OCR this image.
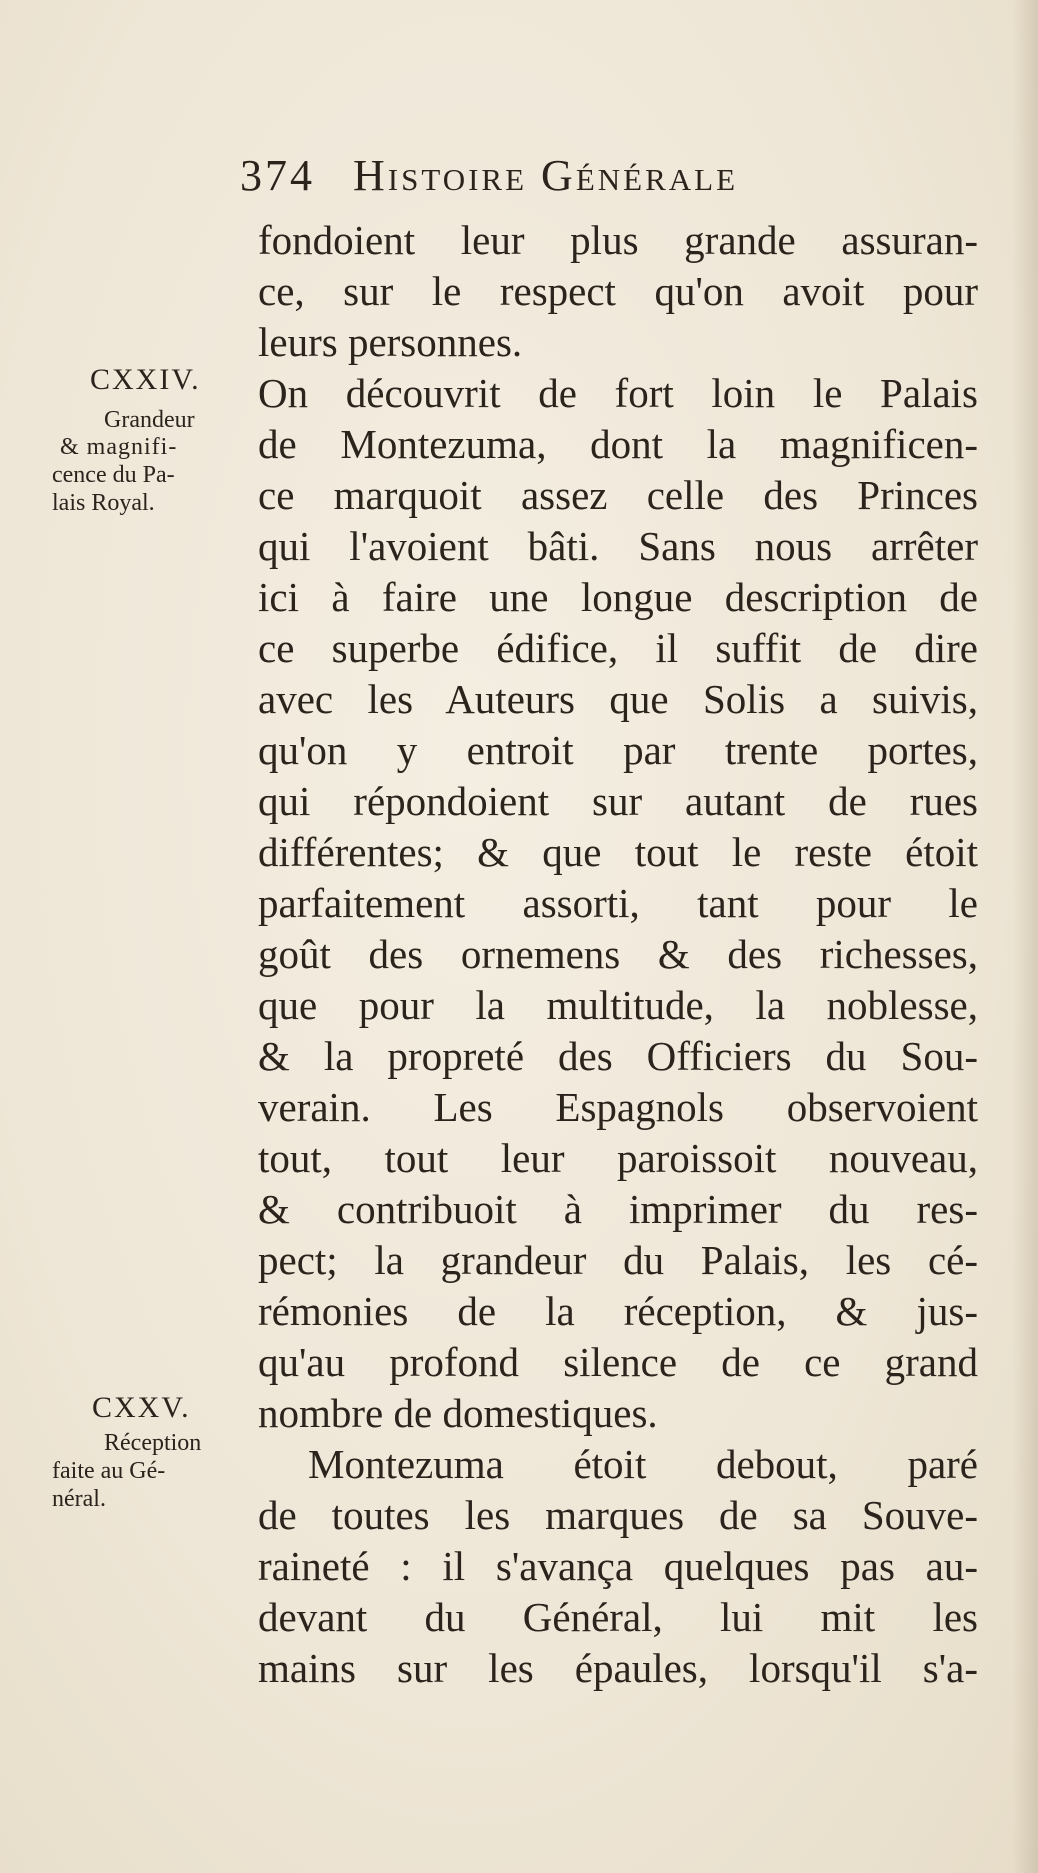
374 Histoire Générale
CXXIV.
Grandeur
& magnifi-
cence du Pa-
lais Royal.
CXXV.
Réception
faite au Gé-
néral.
fondoient leur plus grande assuran-
ce, sur le respect qu'on avoit pour
leurs personnes.
On découvrit de fort loin le Palais
de Montezuma, dont la magnificen-
ce marquoit assez celle des Princes
qui l'avoient bâti. Sans nous arrêter
ici à faire une longue description de
ce superbe édifice, il suffit de dire
avec les Auteurs que Solis a suivis,
qu'on y entroit par trente portes,
qui répondoient sur autant de rues
différentes; & que tout le reste étoit
parfaitement assorti, tant pour le
goût des ornemens & des richesses,
que pour la multitude, la noblesse,
& la propreté des Officiers du Sou-
verain. Les Espagnols observoient
tout, tout leur paroissoit nouveau,
& contribuoit à imprimer du res-
pect; la grandeur du Palais, les cé-
rémonies de la réception, & jus-
qu'au profond silence de ce grand
nombre de domestiques.
Montezuma étoit debout, paré
de toutes les marques de sa Souve-
raineté : il s'avança quelques pas au-
devant du Général, lui mit les
mains sur les épaules, lorsqu'il s'a-
